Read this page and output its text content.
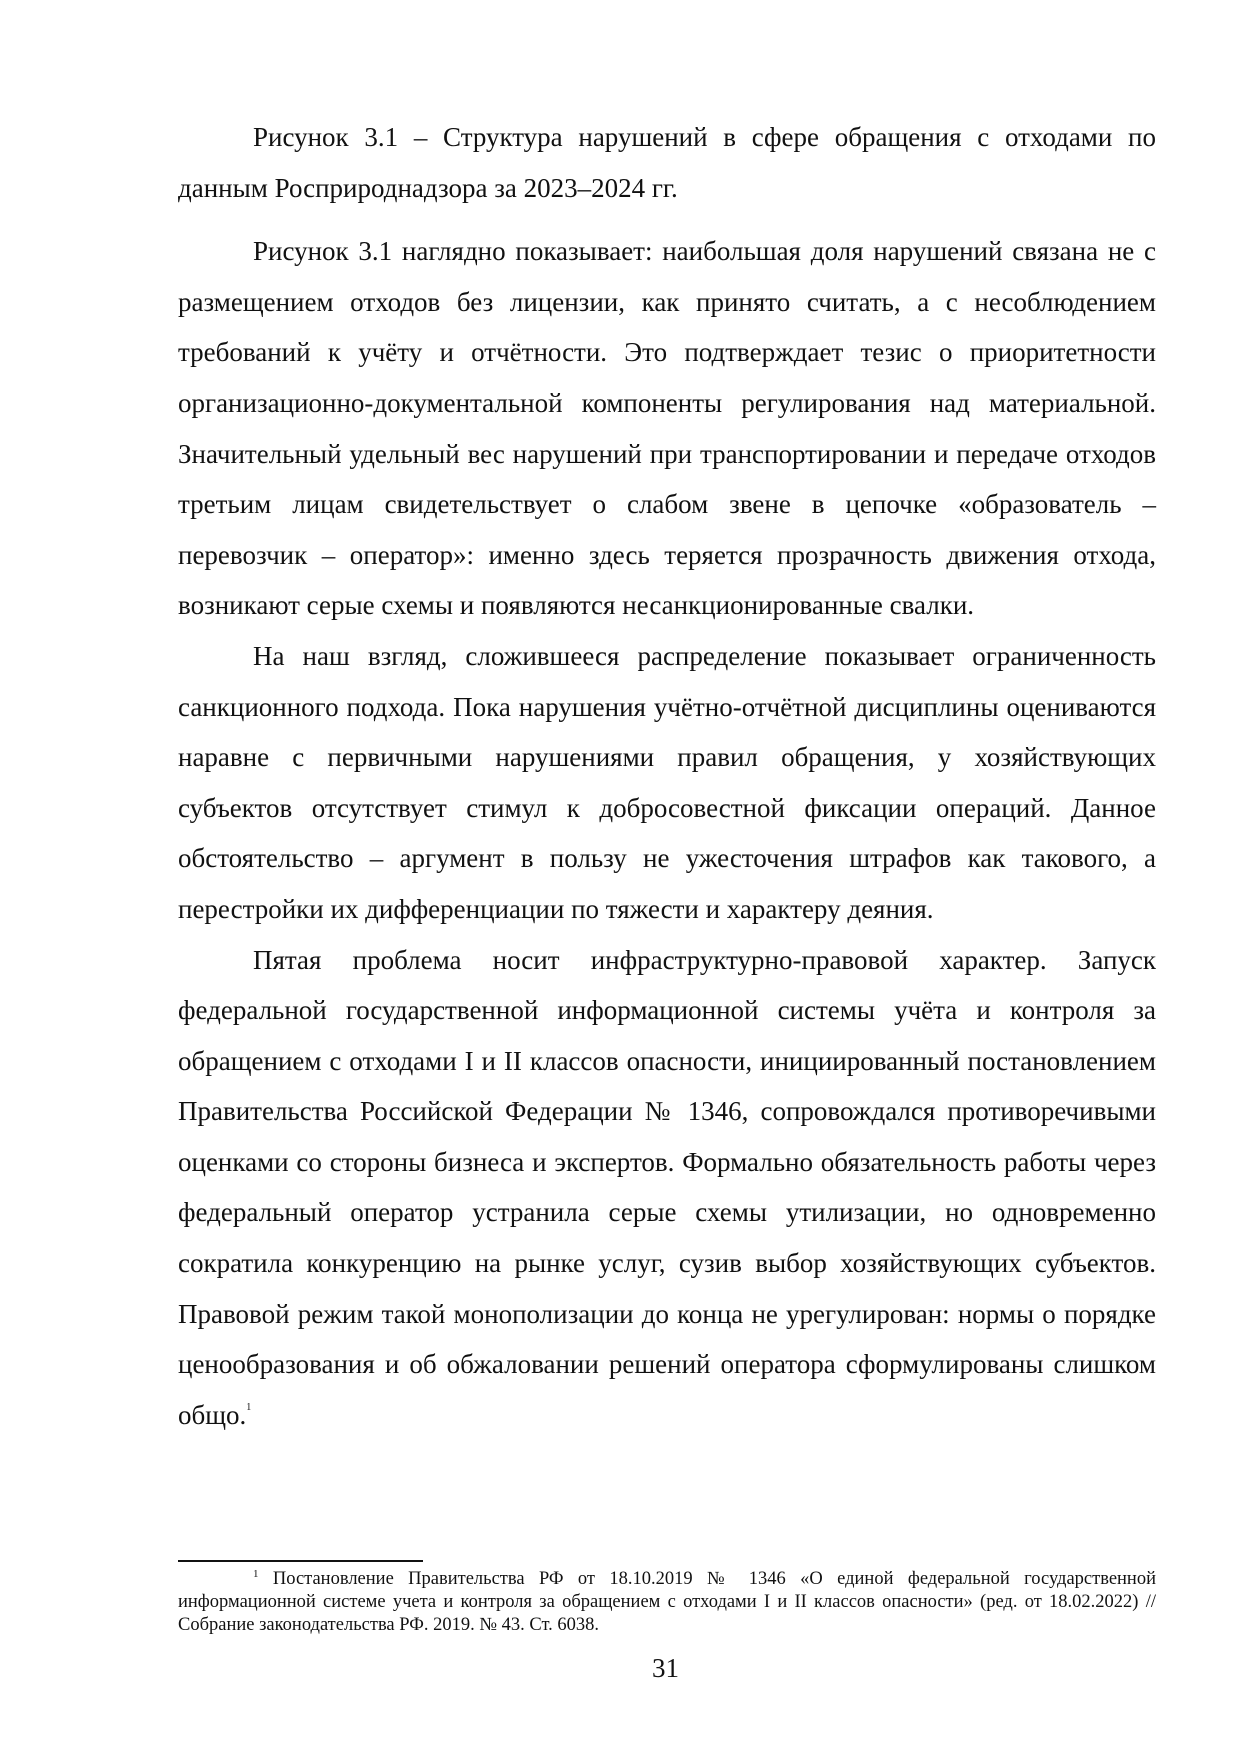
Рисунок 3.1 – Структура нарушений в сфере обращения с отходами по данным Росприроднадзора за 2023–2024 гг.

Рисунок 3.1 наглядно показывает: наибольшая доля нарушений связана не с размещением отходов без лицензии, как принято считать, а с несоблюдением требований к учёту и отчётности. Это подтверждает тезис о приоритетности организационно-документальной компоненты регулирования над материальной. Значительный удельный вес нарушений при транспортировании и передаче отходов третьим лицам свидетельствует о слабом звене в цепочке «образователь – перевозчик – оператор»: именно здесь теряется прозрачность движения отхода, возникают серые схемы и появляются несанкционированные свалки.

На наш взгляд, сложившееся распределение показывает ограниченность санкционного подхода. Пока нарушения учётно-отчётной дисциплины оцениваются наравне с первичными нарушениями правил обращения, у хозяйствующих субъектов отсутствует стимул к добросовестной фиксации операций. Данное обстоятельство – аргумент в пользу не ужесточения штрафов как такового, а перестройки их дифференциации по тяжести и характеру деяния.

Пятая проблема носит инфраструктурно-правовой характер. Запуск федеральной государственной информационной системы учёта и контроля за обращением с отходами I и II классов опасности, инициированный постановлением Правительства Российской Федерации № 1346, сопровождался противоречивыми оценками со стороны бизнеса и экспертов. Формально обязательность работы через федеральный оператор устранила серые схемы утилизации, но одновременно сократила конкуренцию на рынке услуг, сузив выбор хозяйствующих субъектов. Правовой режим такой монополизации до конца не урегулирован: нормы о порядке ценообразования и об обжаловании решений оператора сформулированы слишком общо.$^1$

$^1$ Постановление Правительства РФ от 18.10.2019 № 1346 «О единой федеральной государственной информационной системе учета и контроля за обращением с отходами I и II классов опасности» (ред. от 18.02.2022) // Собрание законодательства РФ. 2019. № 43. Ст. 6038.

31
